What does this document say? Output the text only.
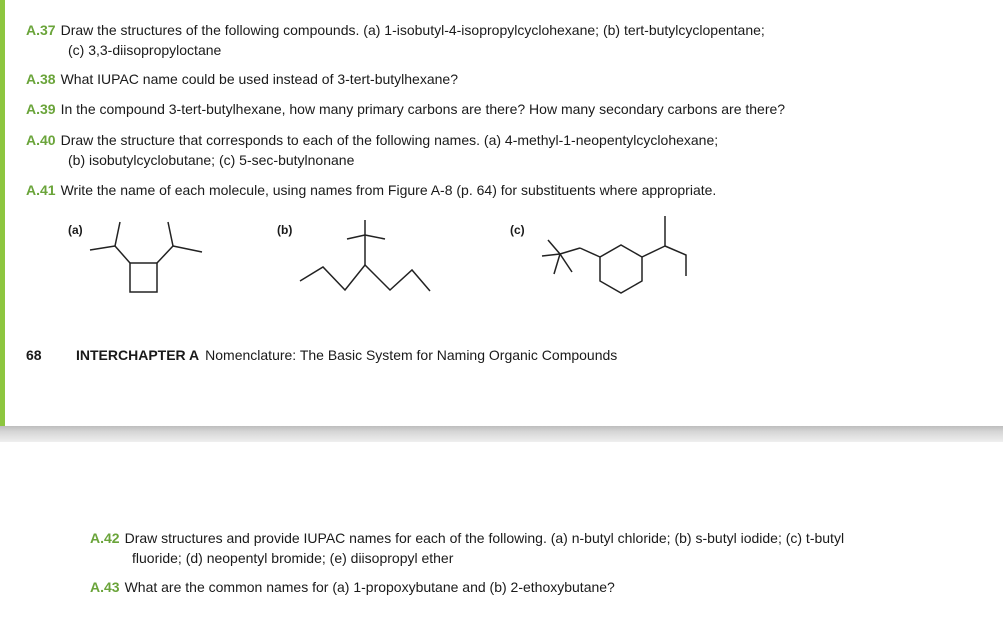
A.37 Draw the structures of the following compounds. (a) 1-isobutyl-4-isopropylcyclohexane; (b) tert-butylcyclopentane;
(c) 3,3-diisopropyloctane
A.38 What IUPAC name could be used instead of 3-tert-butylhexane?
A.39 In the compound 3-tert-butylhexane, how many primary carbons are there? How many secondary carbons are there?
A.40 Draw the structure that corresponds to each of the following names. (a) 4-methyl-1-neopentylcyclohexane;
(b) isobutylcyclobutane; (c) 5-sec-butylnonane
A.41 Write the name of each molecule, using names from Figure A-8 (p. 64) for substituents where appropriate.
(a)	(b)	(c)
68 INTERCHAPTER A Nomenclature: The Basic System for Naming Organic Compounds
A.42 Draw structures and provide IUPAC names for each of the following. (a) n-butyl chloride; (b) s-butyl iodide; (c) t-butyl
fluoride; (d) neopentyl bromide; (e) diisopropyl ether
A.43 What are the common names for (a) 1-propoxybutane and (b) 2-ethoxybutane?
